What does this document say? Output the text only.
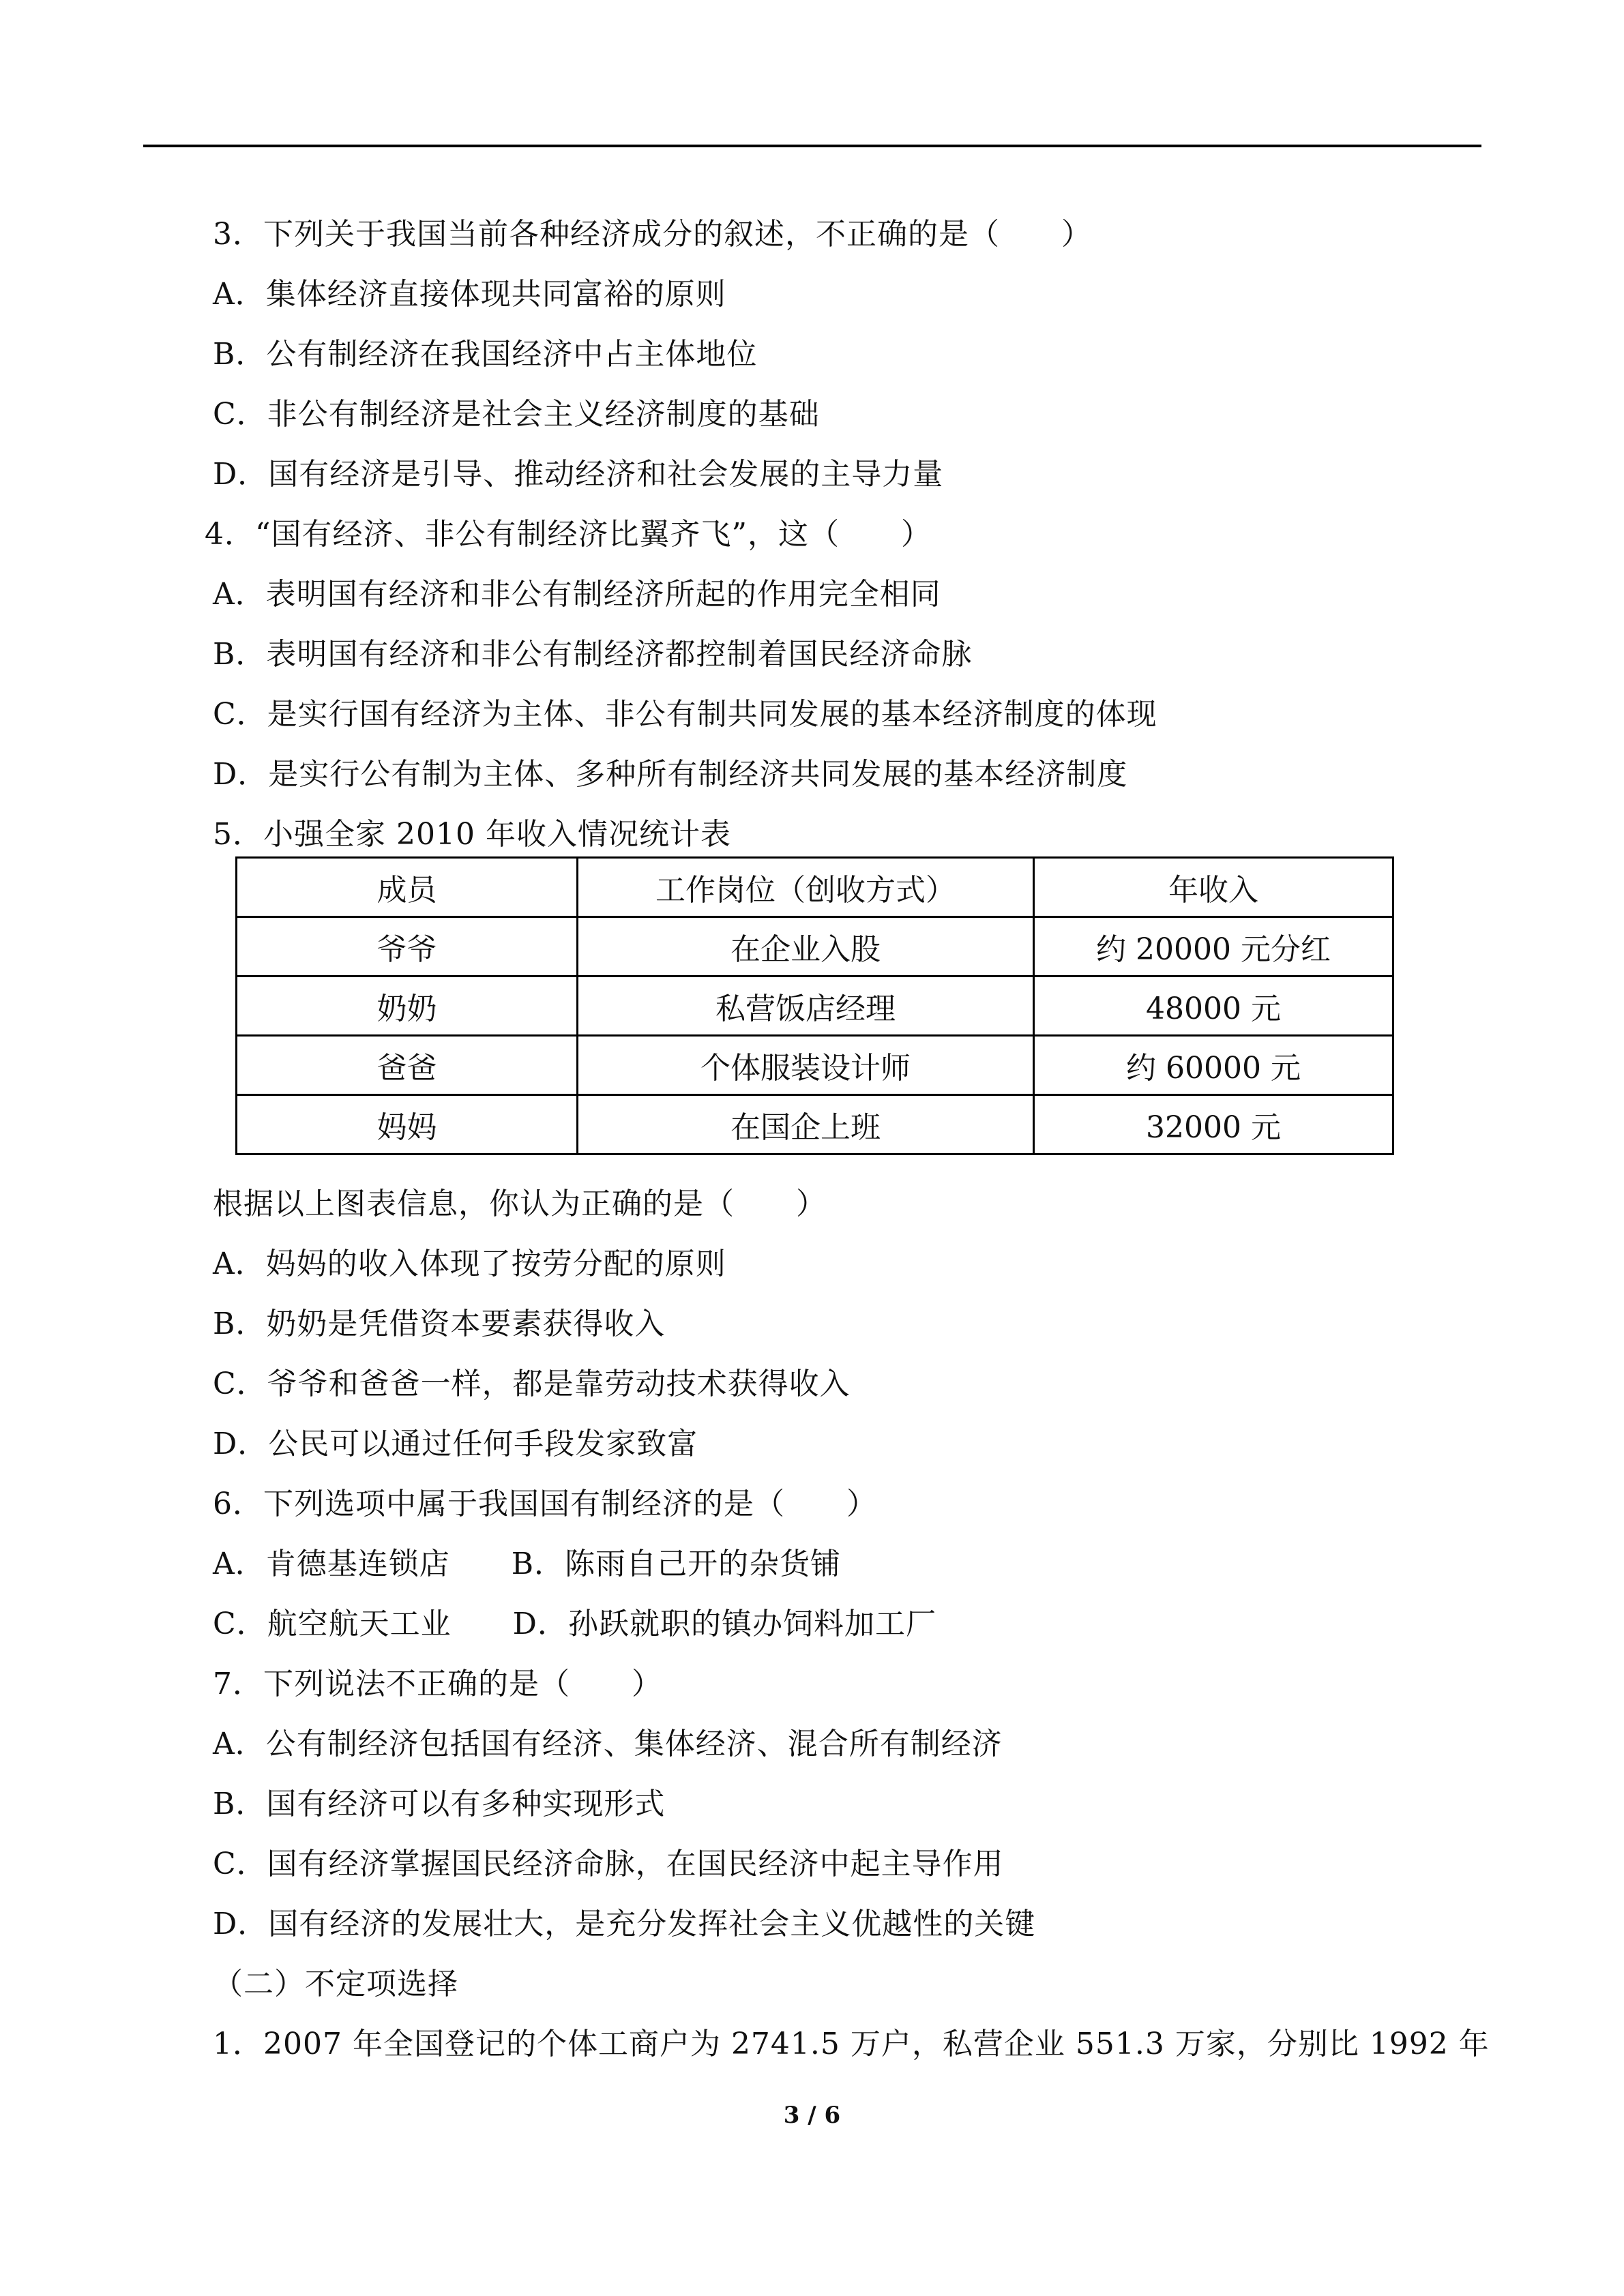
3．下列关于我国当前各种经济成分的叙述，不正确的是（　　）
A．集体经济直接体现共同富裕的原则
B．公有制经济在我国经济中占主体地位
C．非公有制经济是社会主义经济制度的基础
D．国有经济是引导、推动经济和社会发展的主导力量
4．“国有经济、非公有制经济比翼齐飞”，这（　　）
A．表明国有经济和非公有制经济所起的作用完全相同
B．表明国有经济和非公有制经济都控制着国民经济命脉
C．是实行国有经济为主体、非公有制共同发展的基本经济制度的体现
D．是实行公有制为主体、多种所有制经济共同发展的基本经济制度
5．小强全家 2010 年收入情况统计表
成员	工作岗位（创收方式）	年收入
爷爷	在企业入股	约 20000 元分红
奶奶	私营饭店经理	48000 元
爸爸	个体服装设计师	约 60000 元
妈妈	在国企上班	32000 元
根据以上图表信息，你认为正确的是（　　）
A．妈妈的收入体现了按劳分配的原则
B．奶奶是凭借资本要素获得收入
C．爷爷和爸爸一样，都是靠劳动技术获得收入
D．公民可以通过任何手段发家致富
6．下列选项中属于我国国有制经济的是（　　）
A．肯德基连锁店　　B．陈雨自己开的杂货铺
C．航空航天工业　　D．孙跃就职的镇办饲料加工厂
7．下列说法不正确的是（　　）
A．公有制经济包括国有经济、集体经济、混合所有制经济
B．国有经济可以有多种实现形式
C．国有经济掌握国民经济命脉，在国民经济中起主导作用
D．国有经济的发展壮大，是充分发挥社会主义优越性的关键
（二）不定项选择
1．2007 年全国登记的个体工商户为 2741.5 万户，私营企业 551.3 万家，分别比 1992 年
3 / 6
